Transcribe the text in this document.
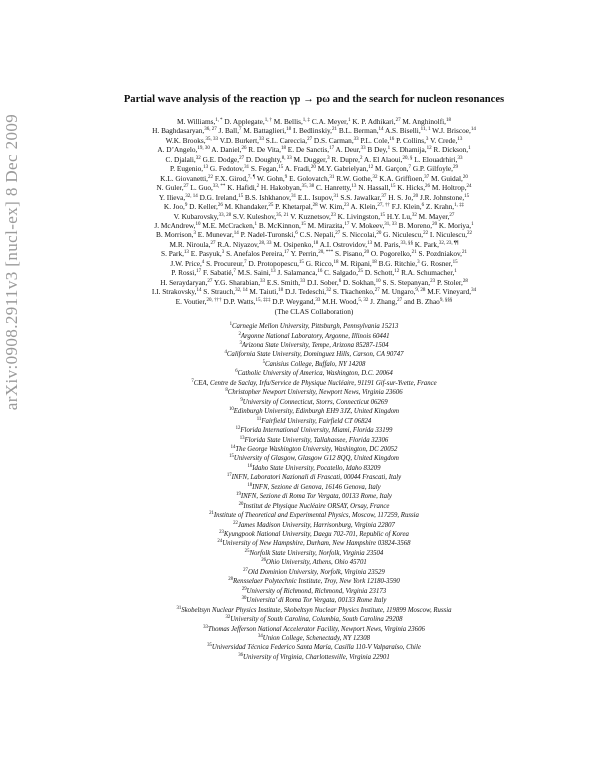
arXiv:0908.2911v3 [nucl-ex] 8 Dec 2009
Partial wave analysis of the reaction γp → pω and the search for nucleon resonances
M. Williams,$^{1, *}$ D. Applegate,$^{1, \dagger}$ M. Bellis,$^{1, \ddagger}$ C.A. Meyer,$^1$ K. P. Adhikari,$^{27}$ M. Anghinolfi,$^{18}$
H. Baghdasaryan,$^{36, 27}$ J. Ball,$^7$ M. Battaglieri,$^{18}$ I. Bedlinskiy,$^{21}$ B.L. Berman,$^{14}$ A.S. Biselli,$^{11, 1}$ W.J. Briscoe,$^{14}$
W.K. Brooks,$^{35, 33}$ V.D. Burkert,$^{33}$ S.L. Careccia,$^{27}$ D.S. Carman,$^{33}$ P.L. Cole,$^{16}$ P. Collins,$^3$ V. Crede,$^{13}$
A. D’Angelo,$^{19, 30}$ A. Daniel,$^{26}$ R. De Vita,$^{18}$ E. De Sanctis,$^{17}$ A. Deur,$^{33}$ B Dey,$^1$ S. Dhamija,$^{12}$ R. Dickson,$^1$
C. Djalali,$^{32}$ G.E. Dodge,$^{27}$ D. Doughty,$^{8, 33}$ M. Dugger,$^3$ R. Dupre,$^2$ A. El Alaoui,$^{20, \S}$ L. Elouadrhiri,$^{33}$
P. Eugenio,$^{13}$ G. Fedotov,$^{31}$ S. Fegan,$^{15}$ A. Fradi,$^{20}$ M.Y. Gabrielyan,$^{12}$ M. Garçon,$^7$ G.P. Gilfoyle,$^{29}$
K.L. Giovanetti,$^{22}$ F.X. Girod,$^{7, \P}$ W. Gohn,$^9$ E. Golovatch,$^{31}$ R.W. Gothe,$^{32}$ K.A. Griffioen,$^{37}$ M. Guidal,$^{20}$
N. Guler,$^{27}$ L. Guo,$^{33, **}$ K. Hafidi,$^2$ H. Hakobyan,$^{35, 38}$ C. Hanretty,$^{13}$ N. Hassall,$^{15}$ K. Hicks,$^{26}$ M. Holtrop,$^{24}$
Y. Ilieva,$^{32, 14}$ D.G. Ireland,$^{15}$ B.S. Ishkhanov,$^{31}$ E.L. Isupov,$^{31}$ S.S. Jawalkar,$^{37}$ H. S. Jo,$^{20}$ J.R. Johnstone,$^{15}$
K. Joo,$^9$ D. Keller,$^{26}$ M. Khandaker,$^{25}$ P. Khetarpal,$^{28}$ W. Kim,$^{23}$ A. Klein,$^{27, \dagger\dagger}$ F.J. Klein,$^6$ Z. Krahn,$^{1, \ddagger\ddagger}$
V. Kubarovsky,$^{33, 28}$ S.V. Kuleshov,$^{35, 21}$ V. Kuznetsov,$^{23}$ K. Livingston,$^{15}$ H.Y. Lu,$^{32}$ M. Mayer,$^{27}$
J. McAndrew,$^{10}$ M.E. McCracken,$^1$ B. McKinnon,$^{15}$ M. Mirazita,$^{17}$ V. Mokeev,$^{31, 33}$ B. Moreno,$^{20}$ K. Moriya,$^1$
B. Morrison,$^3$ E. Munevar,$^{14}$ P. Nadel-Turonski,$^6$ C.S. Nepali,$^{27}$ S. Niccolai,$^{20}$ G. Niculescu,$^{22}$ I. Niculescu,$^{22}$
M.R. Niroula,$^{27}$ R.A. Niyazov,$^{28, 33}$ M. Osipenko,$^{18}$ A.I. Ostrovidov,$^{13}$ M. Paris,$^{33, \S\S}$ K. Park,$^{32, 23, \P\P}$
S. Park,$^{13}$ E. Pasyuk,$^3$ S. Anefalos Pereira,$^{17}$ Y. Perrin,$^{20, ***}$ S. Pisano,$^{20}$ O. Pogorelko,$^{21}$ S. Pozdniakov,$^{21}$
J.W. Price,$^4$ S. Procureur,$^7$ D. Protopopescu,$^{15}$ G. Ricco,$^{18}$ M. Ripani,$^{18}$ B.G. Ritchie,$^3$ G. Rosner,$^{15}$
P. Rossi,$^{17}$ F. Sabatié,$^7$ M.S. Saini,$^{13}$ J. Salamanca,$^{16}$ C. Salgado,$^{25}$ D. Schott,$^{12}$ R.A. Schumacher,$^1$
H. Seraydaryan,$^{27}$ Y.G. Sharabian,$^{33}$ E.S. Smith,$^{33}$ D.I. Sober,$^6$ D. Sokhan,$^{10}$ S. S. Stepanyan,$^{23}$ P. Stoler,$^{28}$
I.I. Strakovsky,$^{14}$ S. Strauch,$^{32, 14}$ M. Taiuti,$^{18}$ D.J. Tedeschi,$^{32}$ S. Tkachenko,$^{27}$ M. Ungaro,$^{9, 28}$ M.F. Vineyard,$^{34}$
E. Voutier,$^{20, \dagger\dagger\dagger}$ D.P. Watts,$^{15, \ddagger\ddagger\ddagger}$ D.P. Weygand,$^{33}$ M.H. Wood,$^{5, 32}$ J. Zhang,$^{27}$ and B. Zhao$^{9, \S\S\S}$
(The CLAS Collaboration)
$^1$Carnegie Mellon University, Pittsburgh, Pennsylvania 15213
$^2$Argonne National Laboratory, Argonne, Illinois 60441
$^3$Arizona State University, Tempe, Arizona 85287-1504
$^4$California State University, Dominguez Hills, Carson, CA 90747
$^5$Canisius College, Buffalo, NY 14208
$^6$Catholic University of America, Washington, D.C. 20064
$^7$CEA, Centre de Saclay, Irfu/Service de Physique Nucléaire, 91191 Gif-sur-Yvette, France
$^8$Christopher Newport University, Newport News, Virginia 23606
$^9$University of Connecticut, Storrs, Connecticut 06269
$^{10}$Edinburgh University, Edinburgh EH9 3JZ, United Kingdom
$^{11}$Fairfield University, Fairfield CT 06824
$^{12}$Florida International University, Miami, Florida 33199
$^{13}$Florida State University, Tallahassee, Florida 32306
$^{14}$The George Washington University, Washington, DC 20052
$^{15}$University of Glasgow, Glasgow G12 8QQ, United Kingdom
$^{16}$Idaho State University, Pocatello, Idaho 83209
$^{17}$INFN, Laboratori Nazionali di Frascati, 00044 Frascati, Italy
$^{18}$INFN, Sezione di Genova, 16146 Genova, Italy
$^{19}$INFN, Sezione di Roma Tor Vergata, 00133 Rome, Italy
$^{20}$Institut de Physique Nucléaire ORSAY, Orsay, France
$^{21}$Institute of Theoretical and Experimental Physics, Moscow, 117259, Russia
$^{22}$James Madison University, Harrisonburg, Virginia 22807
$^{23}$Kyungpook National University, Daegu 702-701, Republic of Korea
$^{24}$University of New Hampshire, Durham, New Hampshire 03824-3568
$^{25}$Norfolk State University, Norfolk, Virginia 23504
$^{26}$Ohio University, Athens, Ohio 45701
$^{27}$Old Dominion University, Norfolk, Virginia 23529
$^{28}$Rensselaer Polytechnic Institute, Troy, New York 12180-3590
$^{29}$University of Richmond, Richmond, Virginia 23173
$^{30}$Universita’ di Roma Tor Vergata, 00133 Rome Italy
$^{31}$Skobeltsyn Nuclear Physics Institute, Skobeltsyn Nuclear Physics Institute, 119899 Moscow, Russia
$^{32}$University of South Carolina, Columbia, South Carolina 29208
$^{33}$Thomas Jefferson National Accelerator Facility, Newport News, Virginia 23606
$^{34}$Union College, Schenectady, NY 12308
$^{35}$Universidad Técnica Federico Santa María, Casilla 110-V Valparaíso, Chile
$^{36}$University of Virginia, Charlottesville, Virginia 22901
